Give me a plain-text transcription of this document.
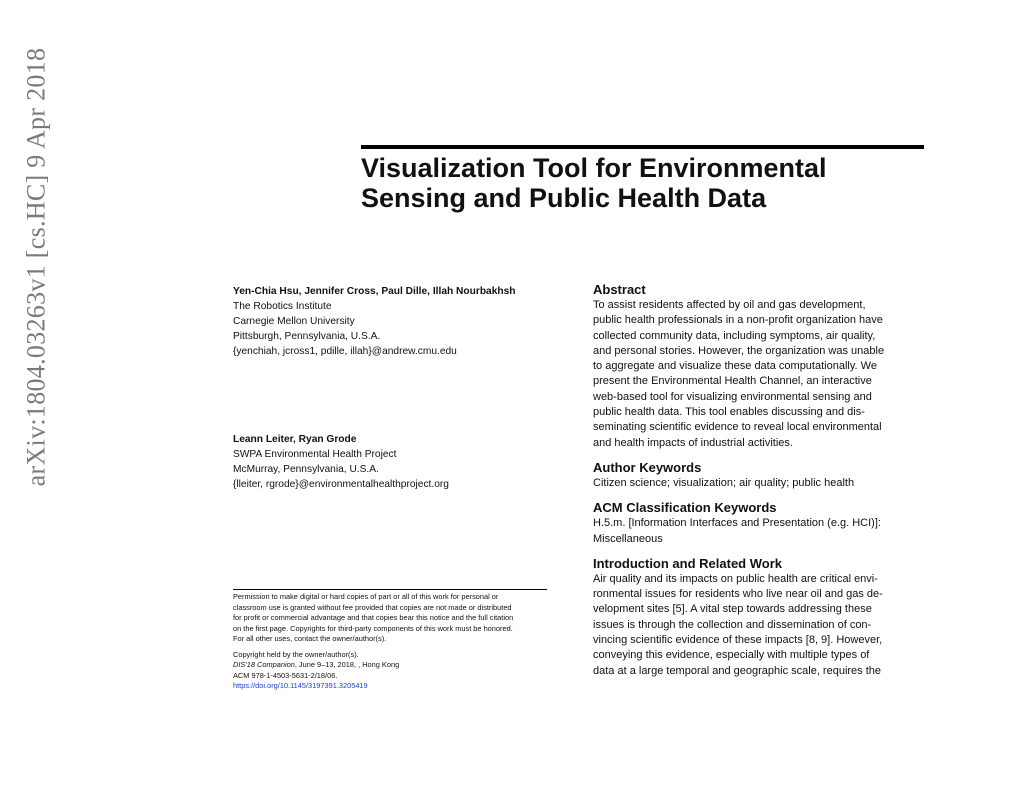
arXiv:1804.03263v1 [cs.HC] 9 Apr 2018	Visualization Tool for Environmental
Sensing and Public Health Data
Yen-Chia Hsu, Jennifer Cross, Paul Dille, Illah Nourbakhsh
The Robotics Institute
Carnegie Mellon University
Pittsburgh, Pennsylvania, U.S.A.
{yenchiah, jcross1, pdille, illah}@andrew.cmu.edu
Leann Leiter, Ryan Grode
SWPA Environmental Health Project
McMurray, Pennsylvania, U.S.A.
{lleiter, rgrode}@environmentalhealthproject.org
Permission to make digital or hard copies of part or all of this work for personal or
classroom use is granted without fee provided that copies are not made or distributed
for profit or commercial advantage and that copies bear this notice and the full citation
on the first page. Copyrights for third-party components of this work must be honored.
For all other uses, contact the owner/author(s).
Copyright held by the owner/author(s).
DIS'18 Companion, June 9–13, 2018, , Hong Kong
ACM 978-1-4503-5631-2/18/06.
https://doi.org/10.1145/3197391.3205419
Abstract
To assist residents affected by oil and gas development,
public health professionals in a non-profit organization have
collected community data, including symptoms, air quality,
and personal stories. However, the organization was unable
to aggregate and visualize these data computationally. We
present the Environmental Health Channel, an interactive
web-based tool for visualizing environmental sensing and
public health data. This tool enables discussing and dis-
seminating scientific evidence to reveal local environmental
and health impacts of industrial activities.
Author Keywords
Citizen science; visualization; air quality; public health
ACM Classification Keywords
H.5.m. [Information Interfaces and Presentation (e.g. HCI)]:
Miscellaneous
Introduction and Related Work
Air quality and its impacts on public health are critical envi-
ronmental issues for residents who live near oil and gas de-
velopment sites [5]. A vital step towards addressing these
issues is through the collection and dissemination of con-
vincing scientific evidence of these impacts [8, 9]. However,
conveying this evidence, especially with multiple types of
data at a large temporal and geographic scale, requires the
